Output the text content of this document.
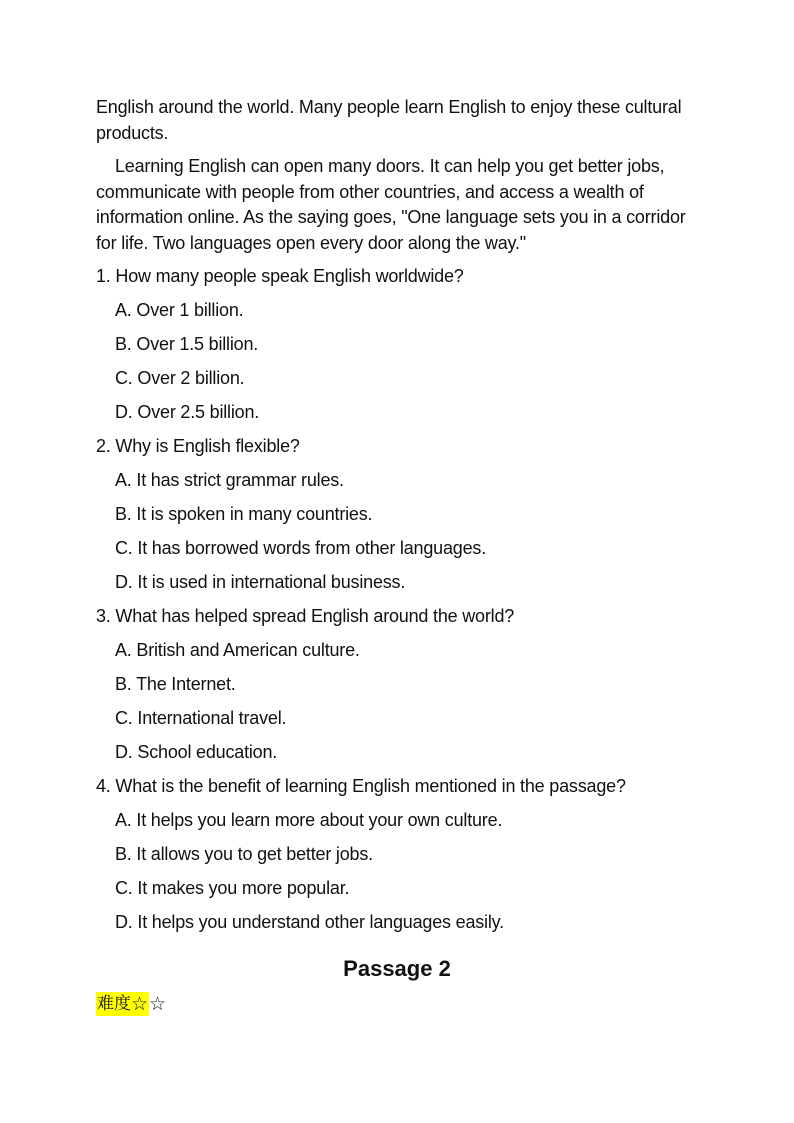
English around the world. Many people learn English to enjoy these cultural products.

Learning English can open many doors. It can help you get better jobs, communicate with people from other countries, and access a wealth of information online. As the saying goes, "One language sets you in a corridor for life. Two languages open every door along the way."

1. How many people speak English worldwide?

A. Over 1 billion.

B. Over 1.5 billion.

C. Over 2 billion.

D. Over 2.5 billion.

2. Why is English flexible?

A. It has strict grammar rules.

B. It is spoken in many countries.

C. It has borrowed words from other languages.

D. It is used in international business.

3. What has helped spread English around the world?

A. British and American culture.

B. The Internet.

C. International travel.

D. School education.

4. What is the benefit of learning English mentioned in the passage?

A. It helps you learn more about your own culture.

B. It allows you to get better jobs.

C. It makes you more popular.

D. It helps you understand other languages easily.

Passage 2
难度 ☆ ☆
